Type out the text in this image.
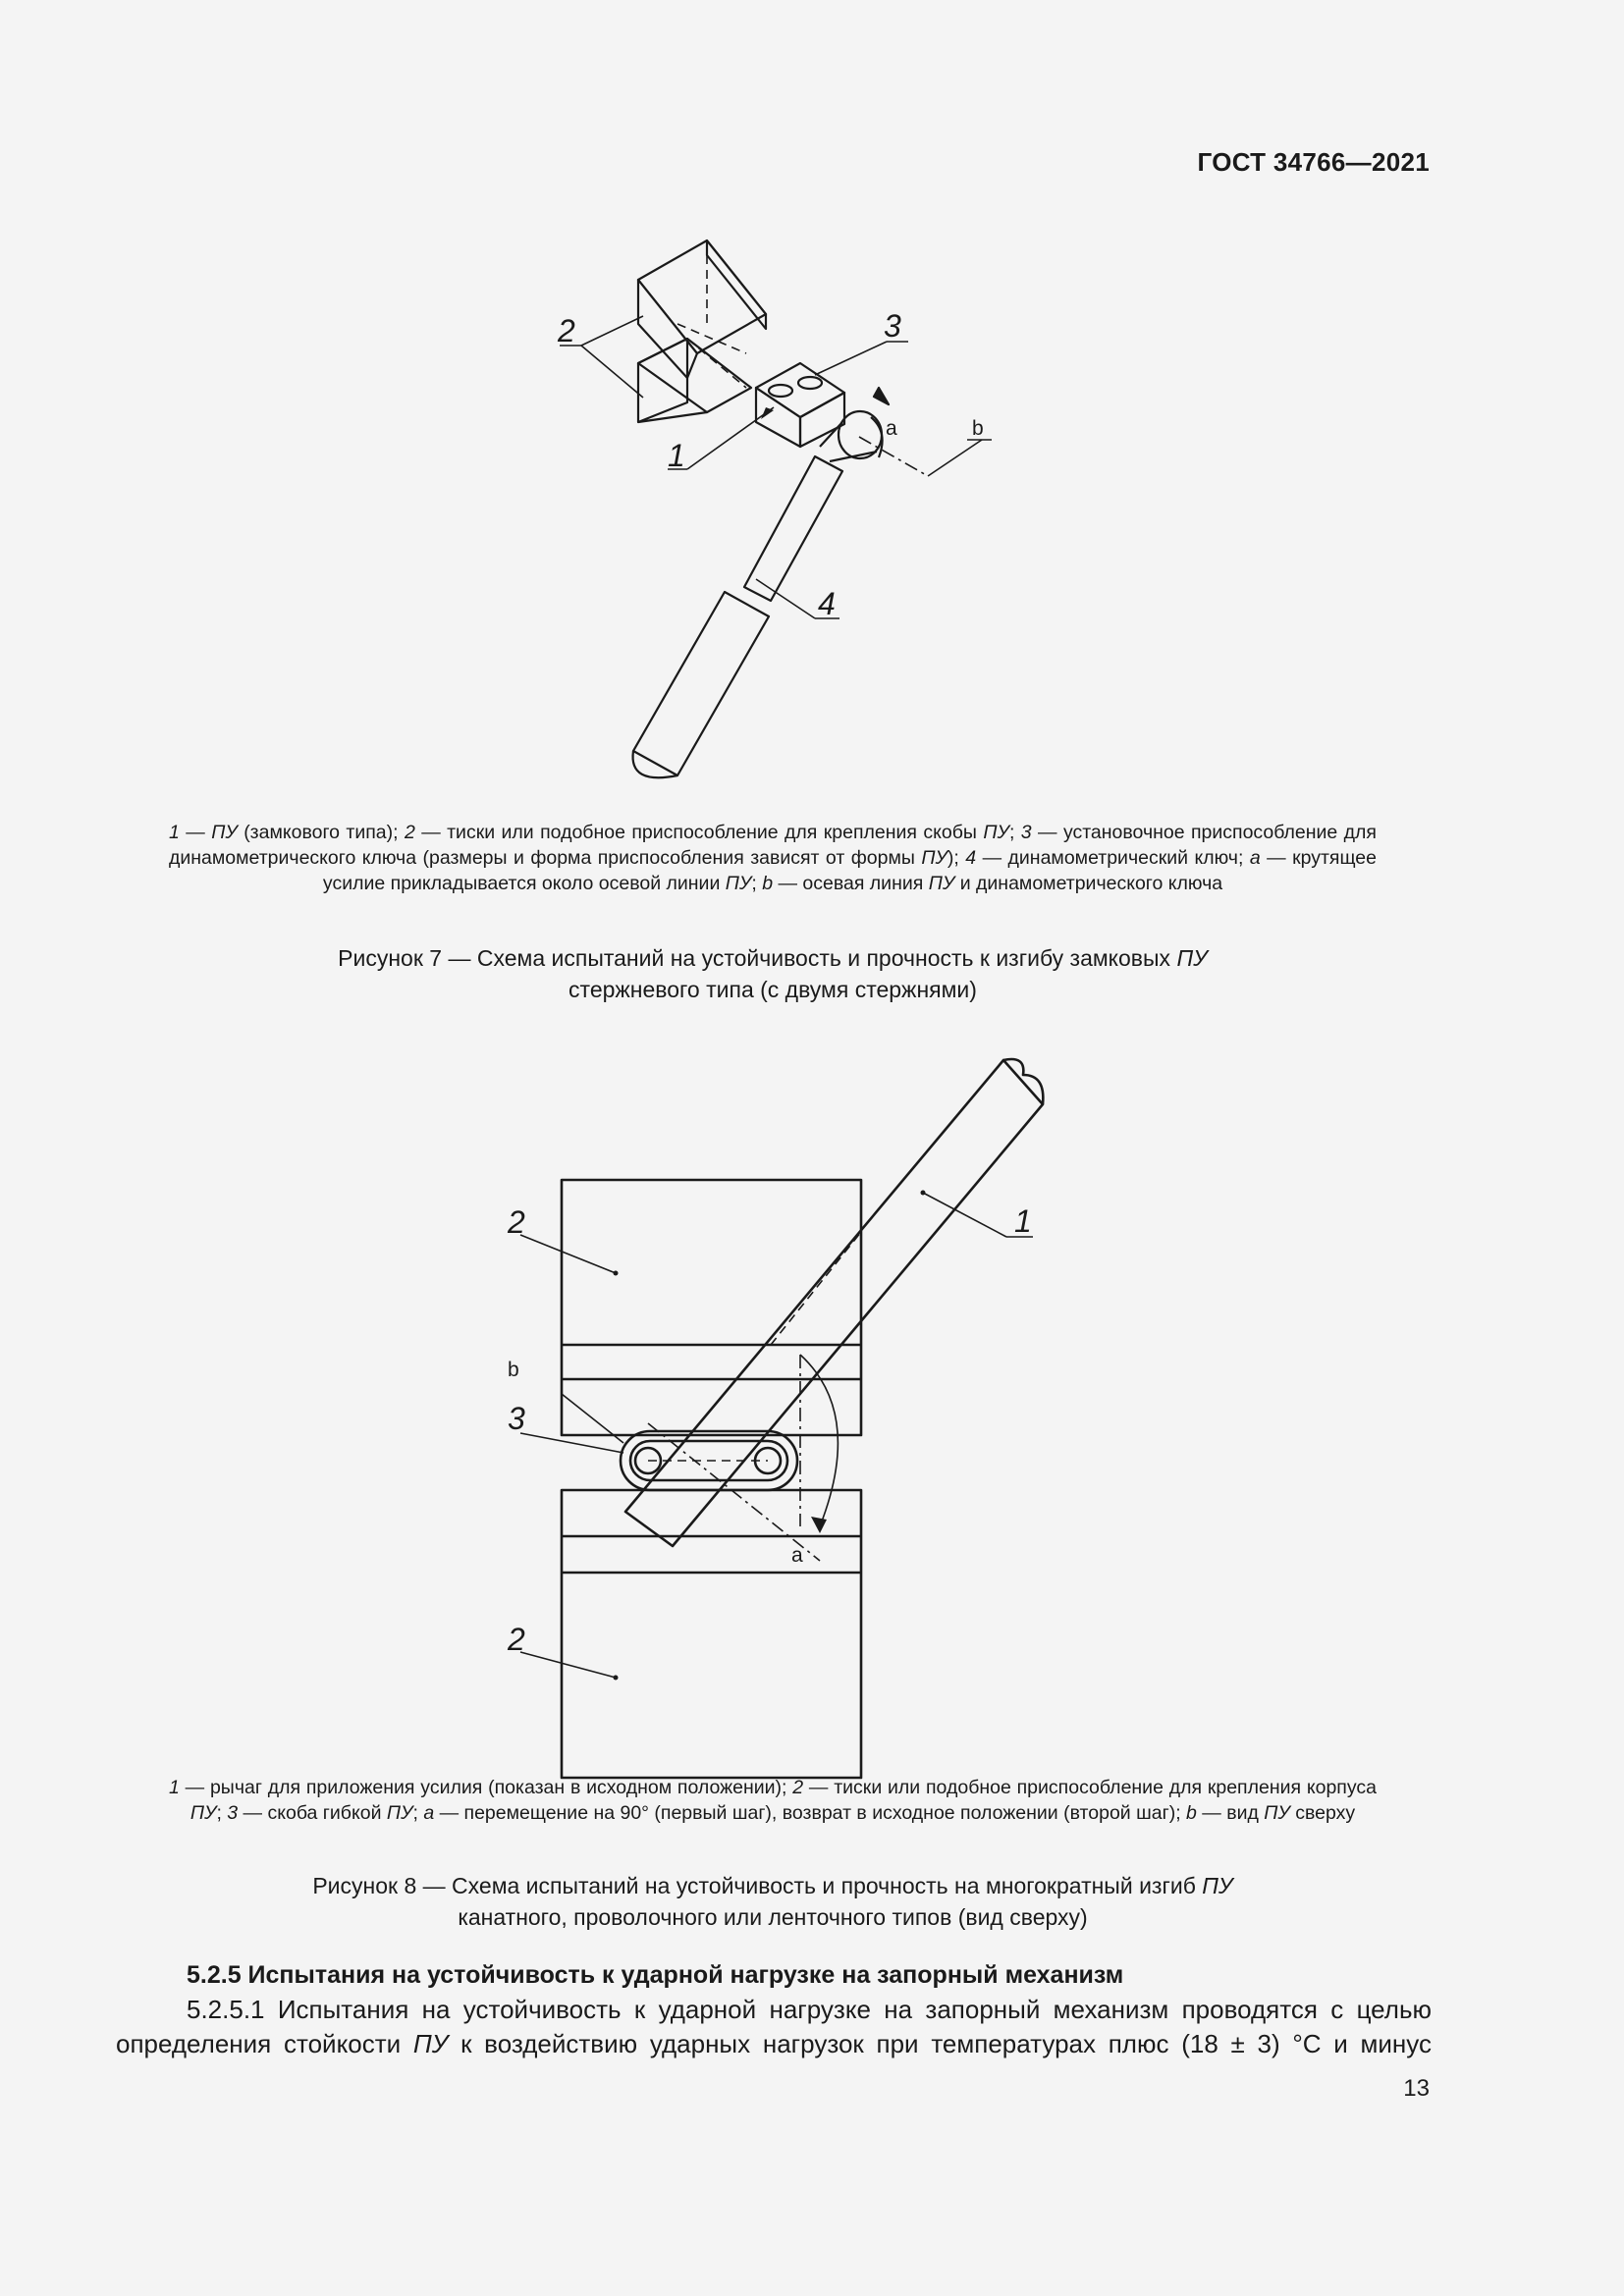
ГОСТ 34766—2021
2	3
1
4
a	b
1 — ПУ (замкового типа); 2 — тиски или подобное приспособление для крепления скобы ПУ; 3 — установочное приспособление для динамометрического ключа (размеры и форма приспособления зависят от формы ПУ); 4 — динамометрический ключ; a — крутящее усилие прикладывается около осевой линии ПУ; b — осевая линия ПУ и динамометрического ключа
Рисунок 7 — Схема испытаний на устойчивость и прочность к изгибу замковых ПУ
стержневого типа (с двумя стержнями)
2	1
b
3
a
2
1 — рычаг для приложения усилия (показан в исходном положении); 2 — тиски или подобное приспособление для крепления корпуса ПУ; 3 — скоба гибкой ПУ; a — перемещение на 90° (первый шаг), возврат в исходное положении (второй шаг); b — вид ПУ сверху
Рисунок 8 — Схема испытаний на устойчивость и прочность на многократный изгиб ПУ
канатного, проволочного или ленточного типов (вид сверху)
5.2.5 Испытания на устойчивость к ударной нагрузке на запорный механизм
5.2.5.1 Испытания на устойчивость к ударной нагрузке на запорный механизм проводятся с целью определения стойкости ПУ к воздействию ударных нагрузок при температурах плюс (18 ± 3) °С и минус
13
